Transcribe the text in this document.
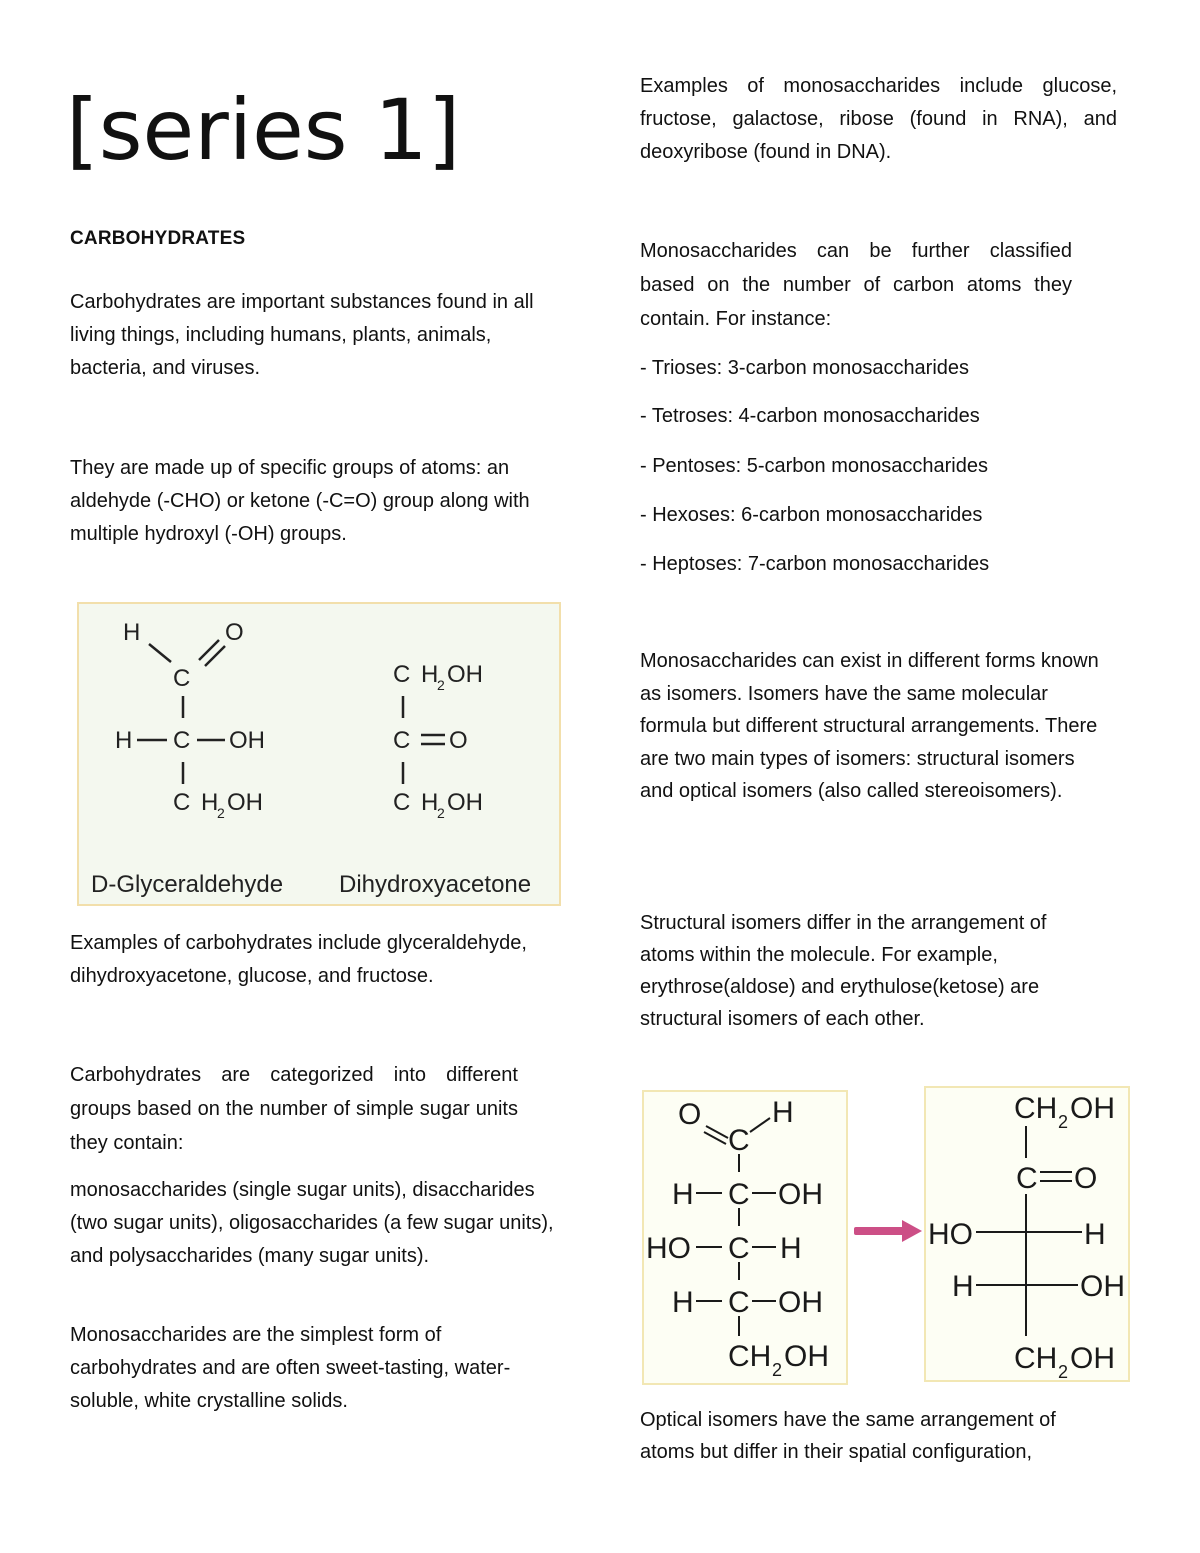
[series 1]
CARBOHYDRATES

Carbohydrates are important substances found in all living things, including humans, plants, animals, bacteria, and viruses.

They are made up of specific groups of atoms: an aldehyde (-CHO) or ketone (-C=O) group along with multiple hydroxyl (-OH) groups.

H	O
C
H C OH
C H
2 OH
C H
2 OH
C O
C H
2 OH
D-Glyceraldehyde Dihydroxyacetone

Examples of carbohydrates include glyceraldehyde, dihydroxyacetone, glucose, and fructose.

Carbohydrates are categorized into different groups based on the number of simple sugar units they contain:

monosaccharides (single sugar units), disaccharides (two sugar units), oligosaccharides (a few sugar units), and polysaccharides (many sugar units).

Monosaccharides are the simplest form of carbohydrates and are often sweet-tasting, water-soluble, white crystalline solids.

Examples of monosaccharides include glucose, fructose, galactose, ribose (found in RNA), and deoxyribose (found in DNA).

Monosaccharides can be further classified based on the number of carbon atoms they contain. For instance:

- Trioses: 3-carbon monosaccharides

- Tetroses: 4-carbon monosaccharides

- Pentoses: 5-carbon monosaccharides

- Hexoses: 6-carbon monosaccharides

- Heptoses: 7-carbon monosaccharides

Monosaccharides can exist in different forms known as isomers. Isomers have the same molecular formula but different structural arrangements. There are two main types of isomers: structural isomers and optical isomers (also called stereoisomers).

Structural isomers differ in the arrangement of atoms within the molecule. For example, erythrose(aldose) and erythulose(ketose) are structural isomers of each other.

O
C
H
H C OH
HO C H
H C OH
CH 2 OH
CH 2 OH
C O
HO	H
H	OH
CH 2 OH

Optical isomers have the same arrangement of atoms but differ in their spatial configuration,
